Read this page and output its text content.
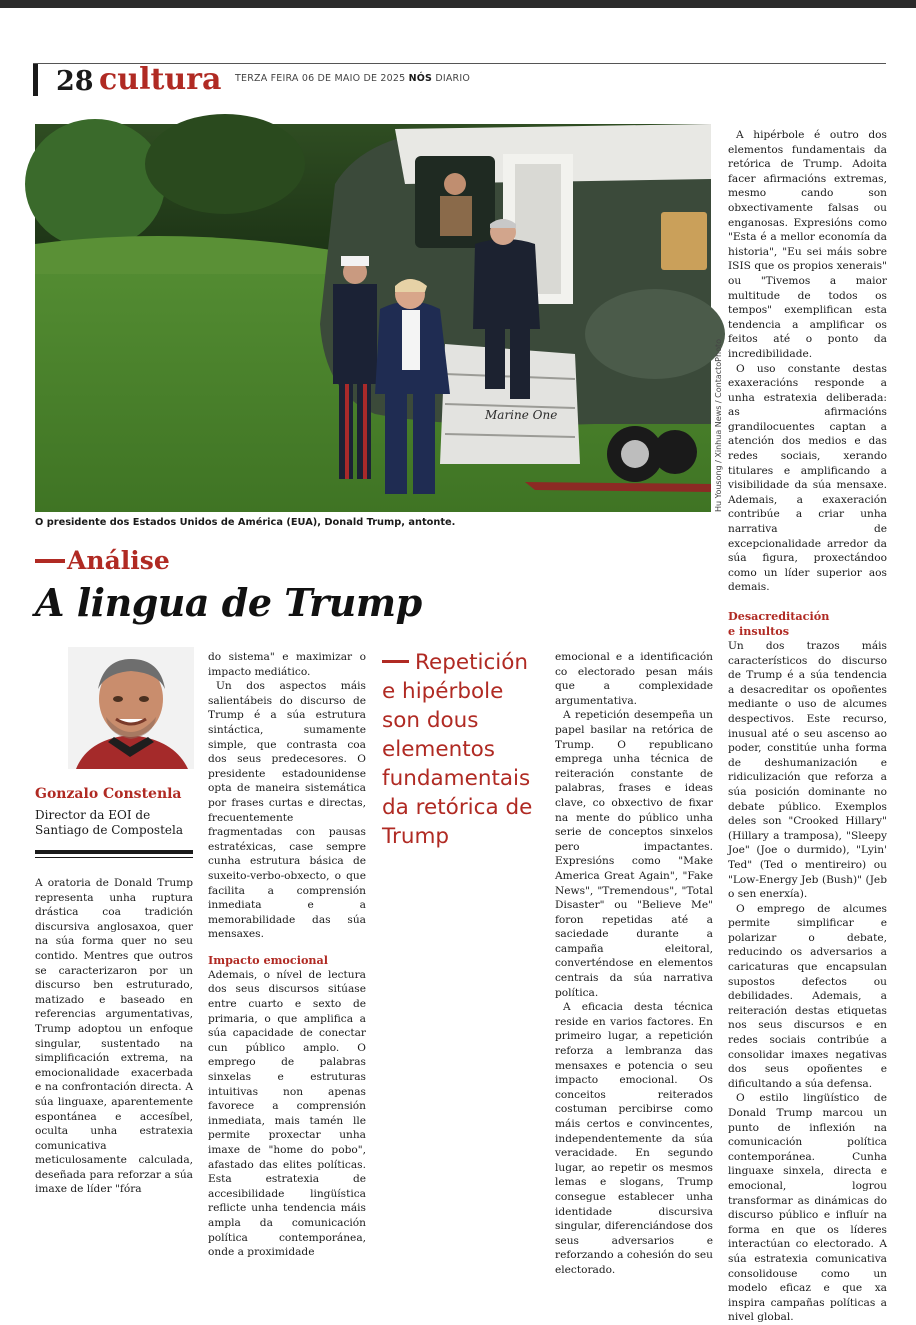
28 cultura TERZA FEIRA 06 DE MAIO DE 2025 NÓS DIARIO
Marine One	Hu Yousong / Xinhua News / ContactoPhoto
O presidente dos Estados Unidos de América (EUA), Donald Trump, antonte.
Análise
A lingua de Trump
Gonzalo Constenla
Director da EOI de Santiago de Compostela

A oratoria de Donald Trump representa unha ruptura drástica coa tradición discursiva anglosaxoa, quer na súa forma quer no seu contido. Mentres que outros se caracterizaron por un discurso ben estruturado, matizado e baseado en referencias argumentativas, Trump adoptou un enfoque singular, sustentado na simplificación extrema, na emocionalidade exacerbada e na confrontación directa. A súa linguaxe, aparentemente espontánea e accesíbel, oculta unha estratexia comunicativa meticulosamente calculada, deseñada para reforzar a súa imaxe de líder "fóra

do sistema" e maximizar o impacto mediático.

Un dos aspectos máis salientábeis do discurso de Trump é a súa estrutura sintáctica, sumamente simple, que contrasta coa dos seus predecesores. O presidente estadounidense opta de maneira sistemática por frases curtas e directas, frecuentemente fragmentadas con pausas estratéxicas, case sempre cunha estrutura básica de suxeito-verbo-obxecto, o que facilita a comprensión inmediata e a memorabilidade das súa mensaxes.

Impacto emocional

Ademais, o nível de lectura dos seus discursos sitúase entre cuarto e sexto de primaria, o que amplifica a súa capacidade de conectar cun público amplo. O emprego de palabras sinxelas e estruturas intuitivas non apenas favorece a comprensión inmediata, mais tamén lle permite proxectar unha imaxe de "home do pobo", afastado das elites políticas. Esta estratexia de accesibilidade lingüística reflicte unha tendencia máis ampla da comunicación política contemporánea, onde a proximidade

Repetición e hipérbole son dous elementos fundamentais da retórica de Trump

emocional e a identificación co electorado pesan máis que a complexidade argumentativa.

A repetición desempeña un papel basilar na retórica de Trump. O republicano emprega unha técnica de reiteración constante de palabras, frases e ideas clave, co obxectivo de fixar na mente do público unha serie de conceptos sinxelos pero impactantes. Expresións como "Make America Great Again", "Fake News", "Tremendous", "Total Disaster" ou "Believe Me" foron repetidas até a saciedade durante a campaña eleitoral, converténdose en elementos centrais da súa narrativa política.

A eficacia desta técnica reside en varios factores. En primeiro lugar, a repetición reforza a lembranza das mensaxes e potencia o seu impacto emocional. Os conceitos reiterados costuman percibirse como máis certos e convincentes, independentemente da súa veracidade. En segundo lugar, ao repetir os mesmos lemas e slogans, Trump consegue establecer unha identidade discursiva singular, diferenciándose dos seus adversarios e reforzando a cohesión do seu electorado.

A hipérbole é outro dos elementos fundamentais da retórica de Trump. Adoita facer afirmacións extremas, mesmo cando son obxectivamente falsas ou enganosas. Expresións como "Esta é a mellor economía da historia", "Eu sei máis sobre ISIS que os propios xenerais" ou "Tivemos a maior multitude de todos os tempos" exemplifican esta tendencia a amplificar os feitos até o ponto da incredibilidade.

O uso constante destas exaxeracións responde a unha estratexia deliberada: as afirmacións grandilocuentes captan a atención dos medios e das redes sociais, xerando titulares e amplificando a visibilidade da súa mensaxe. Ademais, a exaxeración contribúe a criar unha narrativa de excepcionalidade arredor da súa figura, proxectándoo como un líder superior aos demais.

Desacreditación e insultos

Un dos trazos máis característicos do discurso de Trump é a súa tendencia a desacreditar os opoñentes mediante o uso de alcumes despectivos. Este recurso, inusual até o seu ascenso ao poder, constitúe unha forma de deshumanización e ridiculización que reforza a súa posición dominante no debate público. Exemplos deles son "Crooked Hillary" (Hillary a tramposa), "Sleepy Joe" (Joe o durmido), "Lyin' Ted" (Ted o mentireiro) ou "Low-Energy Jeb (Bush)" (Jeb o sen enerxía).

O emprego de alcumes permite simplificar e polarizar o debate, reducindo os adversarios a caricaturas que encapsulan supostos defectos ou debilidades. Ademais, a reiteración destas etiquetas nos seus discursos e en redes sociais contribúe a consolidar imaxes negativas dos seus opoñentes e dificultando a súa defensa.

O estilo lingüístico de Donald Trump marcou un punto de inflexión na comunicación política contemporánea. Cunha linguaxe sinxela, directa e emocional, logrou transformar as dinámicas do discurso público e influír na forma en que os líderes interactúan co electorado. A súa estratexia comunicativa consolidouse como un modelo eficaz e que xa inspira campañas políticas a nivel global.
